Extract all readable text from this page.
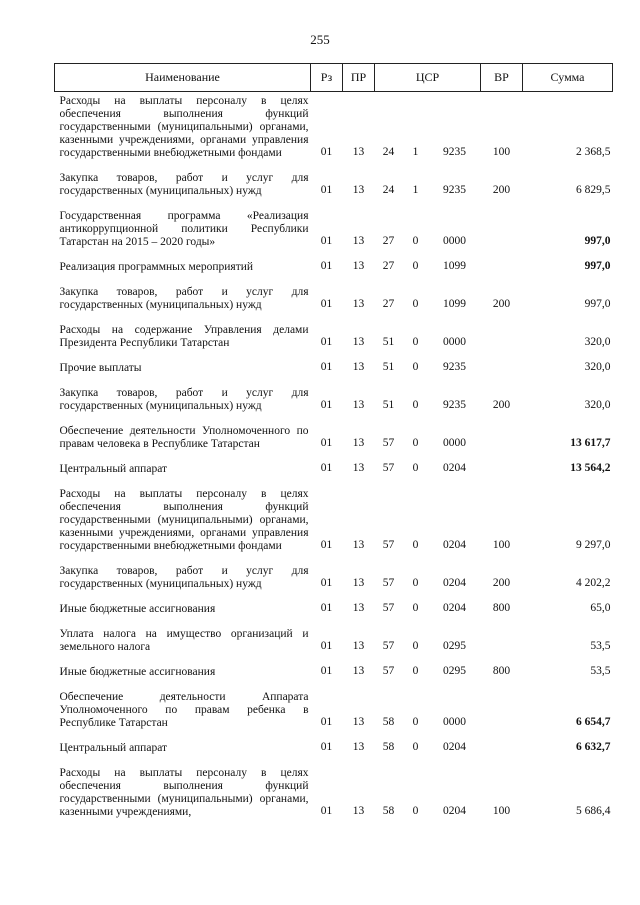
255
Наименование	Рз	ПР	ЦСР			ВР	Сумма
Расходы на выплаты персоналу в целях обеспечения выполнения функций государственными (муниципальными) органами, казенными учреждениями, органами управления государственными внебюджетными фондами	01	13	24	1	9235	100	2 368,5

Закупка товаров, работ и услуг для государственных (муниципальных) нужд	01	13	24	1	9235	200	6 829,5

Государственная программа «Реализация антикоррупционной политики Республики Татарстан на 2015 – 2020 годы»	01	13	27	0	0000		997,0

Реализация программных мероприятий	01	13	27	0	1099		997,0

Закупка товаров, работ и услуг для государственных (муниципальных) нужд	01	13	27	0	1099	200	997,0

Расходы на содержание Управления делами Президента Республики Татарстан	01	13	51	0	0000		320,0

Прочие выплаты	01	13	51	0	9235		320,0

Закупка товаров, работ и услуг для государственных (муниципальных) нужд	01	13	51	0	9235	200	320,0

Обеспечение деятельности Уполномоченного по правам человека в Республике Татарстан	01	13	57	0	0000		13 617,7

Центральный аппарат	01	13	57	0	0204		13 564,2

Расходы на выплаты персоналу в целях обеспечения выполнения функций государственными (муниципальными) органами, казенными учреждениями, органами управления государственными внебюджетными фондами	01	13	57	0	0204	100	9 297,0

Закупка товаров, работ и услуг для государственных (муниципальных) нужд	01	13	57	0	0204	200	4 202,2

Иные бюджетные ассигнования	01	13	57	0	0204	800	65,0

Уплата налога на имущество организаций и земельного налога	01	13	57	0	0295		53,5

Иные бюджетные ассигнования	01	13	57	0	0295	800	53,5

Обеспечение деятельности Аппарата Уполномоченного по правам ребенка в Республике Татарстан	01	13	58	0	0000		6 654,7

Центральный аппарат	01	13	58	0	0204		6 632,7

Расходы на выплаты персоналу в целях обеспечения выполнения функций государственными (муниципальными) органами, казенными учреждениями,	01	13	58	0	0204	100	5 686,4
